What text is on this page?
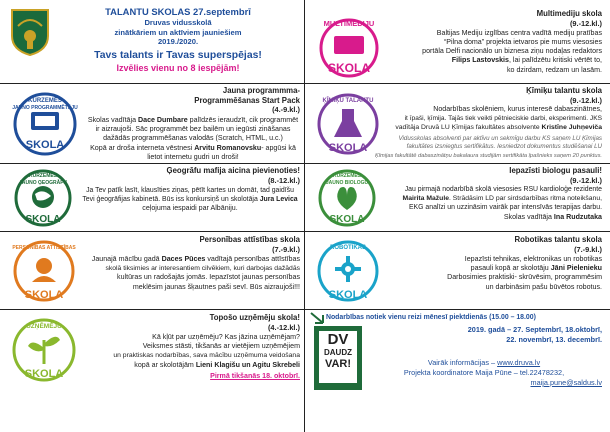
TALANTU SKOLAS 27.septembrī
Druvas vidusskolā
zinātkāriem un aktīviem jauniešiem
2019./2020.
Tavs talants ir Tavas superspējas!
Izvēlies vienu no 8 iespējām!
MULTIMEDIJU
SKOLA
Multimediju skola
(9.-12.kl.)
Baltijas Mediju izglības centra vadītā mediju pratības
“Pilna doma” projekta ietvaros pie mums viesosies
portāla Delfi nacionālo un biznesa ziņu nodaļas redaktors
Filips Lastovskis, lai palīdzētu kritiski vērtēt to,
ko dzirdam, redzam un lasām.
KURZEMES
JAUNO PROGRAMMĒTĀJU
SKOLA
Jauna programmma-
Programmēšanas Start Pack
(4.-9.kl.)
Skolas vadītāja Dace Dumbare palīdzēs ieraudzīt, cik programmēt
ir aizraujoši. Sāc programmēt bez bailēm un iegūsti zināšanas
dažādās programmēšanas valodās (Scratch, HTML, u.c.)
Kopā ar droša interneta vēstnesi Arvitu Romanovsku- apgūsi kā
lietot internetu gudri un droši!
ĶĪMIĶU TALANTU
SKOLA
Ķīmiķu talantu skola
(9.-12.kl.)
Nodarbības skolēniem, kurus interesē dabaszinātnes,
it īpaši, ķīmija. Tajās tiek veikti pētnieciskie darbi, eksperimenti. JKS
vadītāja Druvā LU Ķīmijas fakultātes absolvente Kristīne Juhņeviča
Vidusskolas absolventi par aktīvu un sekmīgu darbu KS saņem LU Ķīmijas
fakultātes izsniegtus sertifikātus. Iesniedzot dokumentus studēšanai LU
Ķīmijas fakultātē dabaszinātņu bakalaura studijām sertifikāta īpašnieks saņem 20 punktus.
KURZEMES
JAUNO ĢEOGRĀFU
SKOLA
Ģeogrāfu mafija aicina pievienoties!
(8.-12.kl.)
Ja Tev patīk lasīt, klausīties ziņas, pētīt kartes un domāt, tad gaidīšu
Tevi ģeogrāfijas kabinetā. Būs iss konkursiņš un skolotāja Jura Levica
ceļojuma iespaidi par Albāniju.
KURZEMES
JAUNO BIOLOGU
SKOLA
Iepazīsti biologu pasauli!
(9.-12.kl.)
Jau pirmajā nodarbībā skolā viesosies RSU kardioloģe rezidente
Mairita Mažule. Strādāsim LD par sirdsdarbības ritma noteikšanu,
EKG analīzi un uzzināsim vairāk par intensīvās terapijas darbu.
Skolas vadītāja Ina Rudzutaka
PERSONĪBAS ATTĪSTĪBAS
SKOLA
Personības attīstības skola
(7.-9.kl.)
Jaunajā mācību gadā Daces Pūces vadītajā personības attīstības
skolā tiksimies ar interesantiem cilvēkiem, kuri darbojas dažādās
kultūras un radošajās jomās. Iepazīstot jaunas personības
meklēsim jaunas šķautnes paši sevī. Būs aizraujoši!!!
ROBOTIKAS
SKOLA
Robotikas talantu skola
(7.-9.kl.)
Iepazīsti tehnikas, elektronikas un robotikas
pasauli kopā ar skolotāju Jāni Pielenieku
Darbosimies praktiski- skrūvēsim, programmēsim
un darbināsim pašu būvētos robotus.
UZŅĒMĒJU
SKOLA
Topošo uzņēmēju skola!
(4.-12.kl.)
Kā kļūt par uzņēmēju? Kas jāzina uzņēmējam?
Veiksmes stāsti, tikšanās ar vietējiem uzņēmējiem
un praktiskas nodarbības, sava mācību uzņēmuma veidošana
kopā ar skolotājām Lieni Klagišu un Agitu Skrebeli
Pirmā tikšanās 18. oktobrī.
Nodarbības notiek vienu reizi mēnesī piektdienās (15.00 – 18.00)
DV
DAUDZ
VAR!
2019. gadā – 27. Septembrī, 18.oktobrī,
22. novembrī, 13. decembrī.
Vairāk informācijas – www.druva.lv
Projekta koordinatore Maija Pūne – tel.22478232,
maija.pune@saldus.lv
